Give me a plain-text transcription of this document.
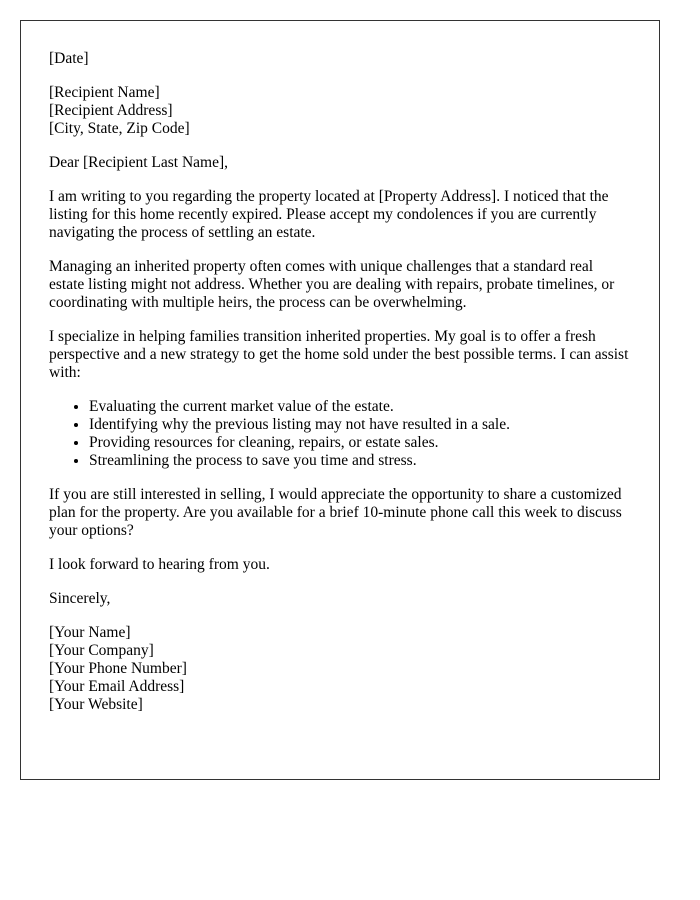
[Date]

[Recipient Name]
[Recipient Address]
[City, State, Zip Code]

Dear [Recipient Last Name],

I am writing to you regarding the property located at [Property Address]. I noticed that the listing for this home recently expired. Please accept my condolences if you are currently navigating the process of settling an estate.

Managing an inherited property often comes with unique challenges that a standard real estate listing might not address. Whether you are dealing with repairs, probate timelines, or coordinating with multiple heirs, the process can be overwhelming.

I specialize in helping families transition inherited properties. My goal is to offer a fresh perspective and a new strategy to get the home sold under the best possible terms. I can assist with:

• Evaluating the current market value of the estate.
• Identifying why the previous listing may not have resulted in a sale.
• Providing resources for cleaning, repairs, or estate sales.
• Streamlining the process to save you time and stress.

If you are still interested in selling, I would appreciate the opportunity to share a customized plan for the property. Are you available for a brief 10-minute phone call this week to discuss your options?

I look forward to hearing from you.

Sincerely,

[Your Name]
[Your Company]
[Your Phone Number]
[Your Email Address]
[Your Website]
